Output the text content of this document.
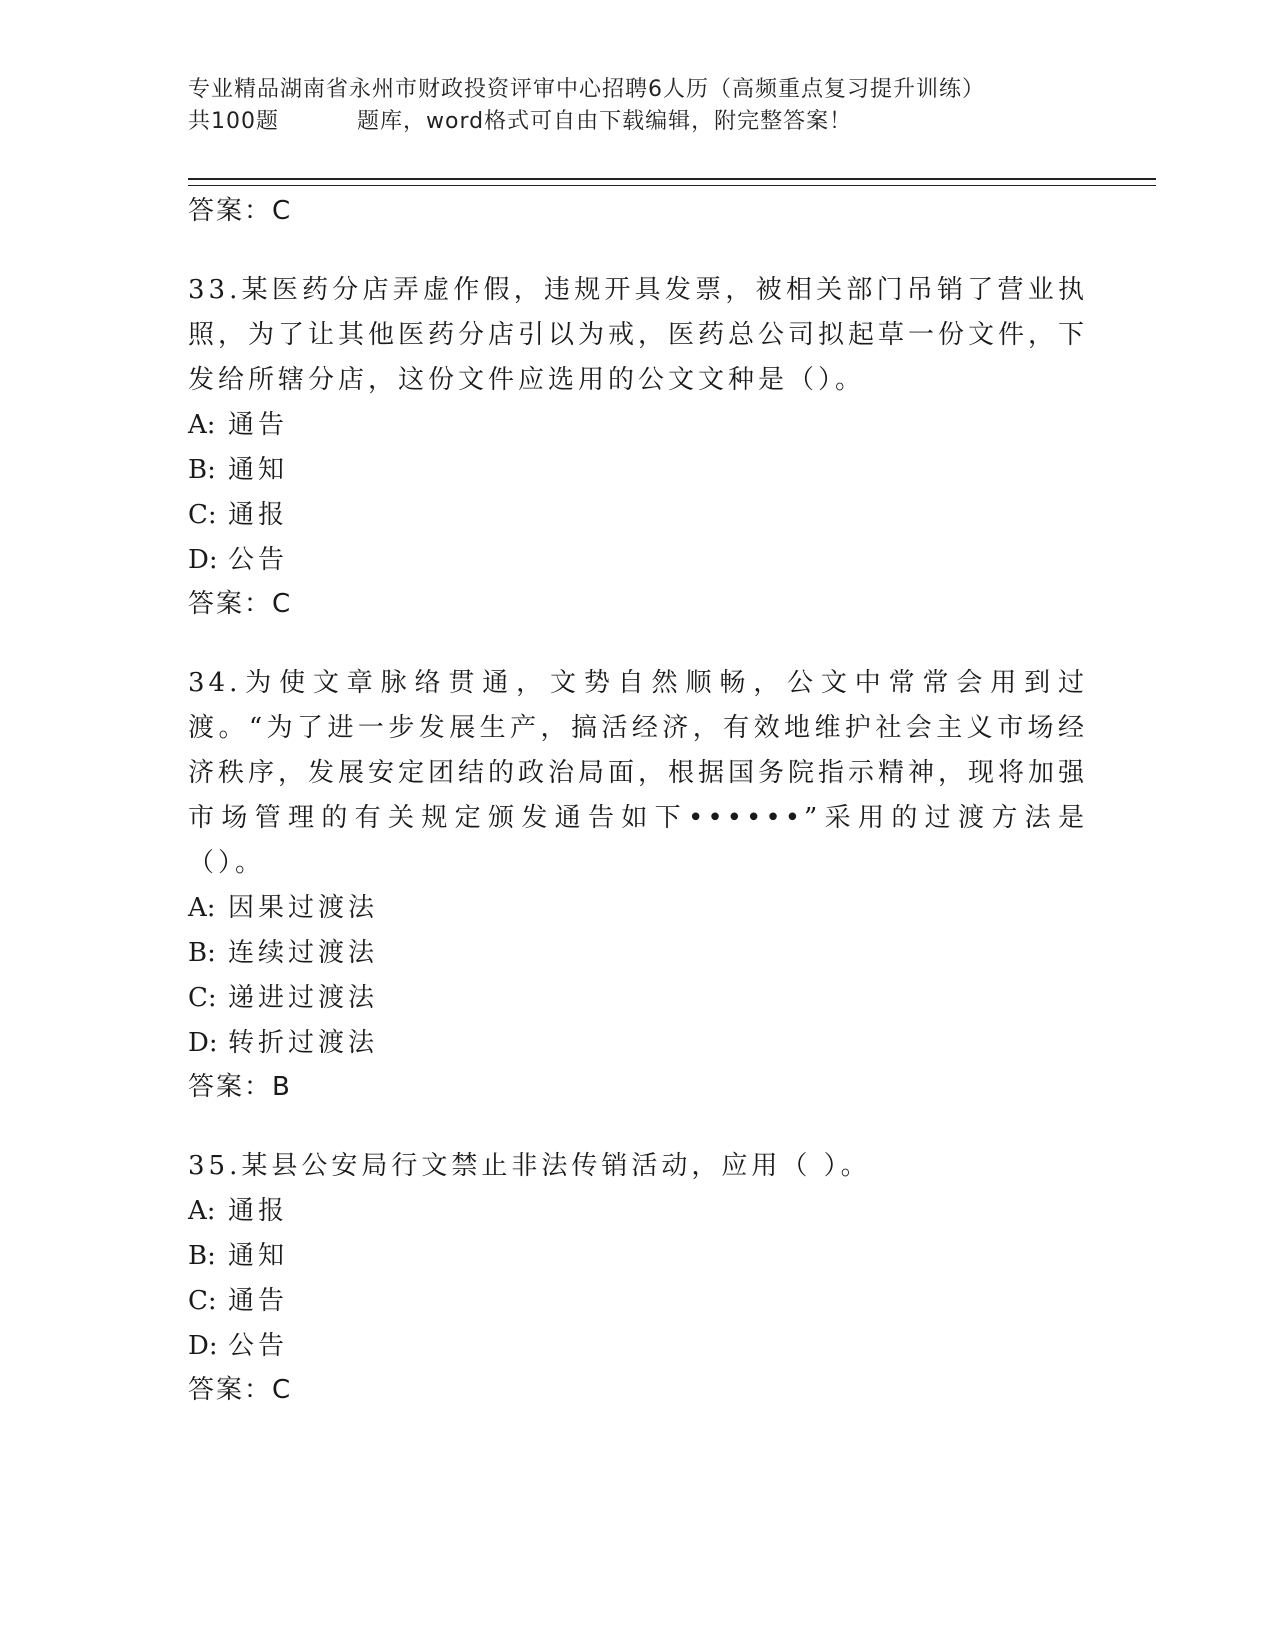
专业精品湖南省永州市财政投资评审中心招聘6人历（高频重点复习提升训练）
共100题	题库，word格式可自由下载编辑，附完整答案！

答案：C

33.某医药分店弄虚作假，违规开具发票，被相关部门吊销了营业执照，为了让其他医药分店引以为戒，医药总公司拟起草一份文件，下发给所辖分店，这份文件应选用的公文文种是（）。

A: 通告

B: 通知

C: 通报

D: 公告

答案：C

34.为使文章脉络贯通，文势自然顺畅，公文中常常会用到过渡。“为了进一步发展生产，搞活经济，有效地维护社会主义市场经济秩序，发展安定团结的政治局面，根据国务院指示精神，现将加强市场管理的有关规定颁发通告如下••••••”采用的过渡方法是（）。

A: 因果过渡法

B: 连续过渡法

C: 递进过渡法

D: 转折过渡法

答案：B

35.某县公安局行文禁止非法传销活动，应用（ ）。

A: 通报

B: 通知

C: 通告

D: 公告

答案：C
